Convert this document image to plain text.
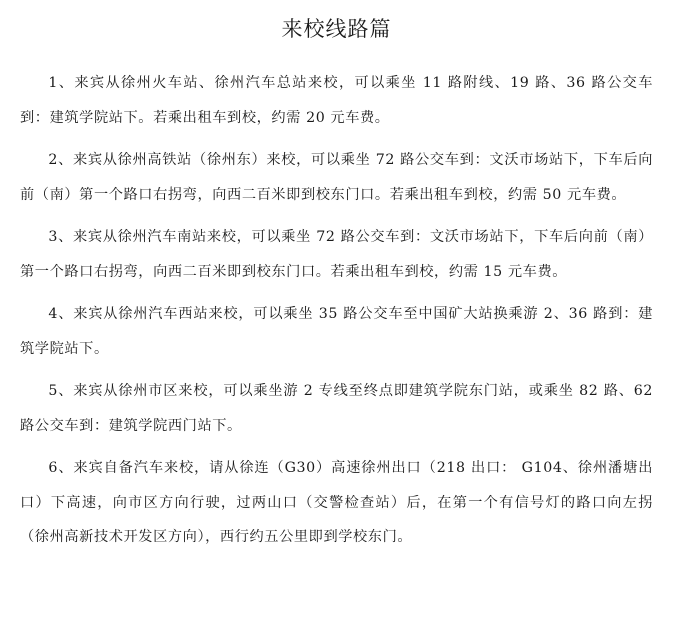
来校线路篇

1、来宾从徐州火车站、徐州汽车总站来校，可以乘坐 11 路附线、19 路、36 路公交车到：建筑学院站下。若乘出租车到校，约需 20 元车费。

2、来宾从徐州高铁站（徐州东）来校，可以乘坐 72 路公交车到：文沃市场站下，下车后向前（南）第一个路口右拐弯，向西二百米即到校东门口。若乘出租车到校，约需 50 元车费。

3、来宾从徐州汽车南站来校，可以乘坐 72 路公交车到：文沃市场站下，下车后向前（南）第一个路口右拐弯，向西二百米即到校东门口。若乘出租车到校，约需 15 元车费。

4、来宾从徐州汽车西站来校，可以乘坐 35 路公交车至中国矿大站换乘游 2、36 路到：建筑学院站下。

5、来宾从徐州市区来校，可以乘坐游 2 专线至终点即建筑学院东门站，或乘坐 82 路、62 路公交车到：建筑学院西门站下。

6、来宾自备汽车来校，请从徐连（G30）高速徐州出口（218 出口： G104、徐州潘塘出口）下高速，向市区方向行驶，过两山口（交警检查站）后，在第一个有信号灯的路口向左拐（徐州高新技术开发区方向），西行约五公里即到学校东门。
